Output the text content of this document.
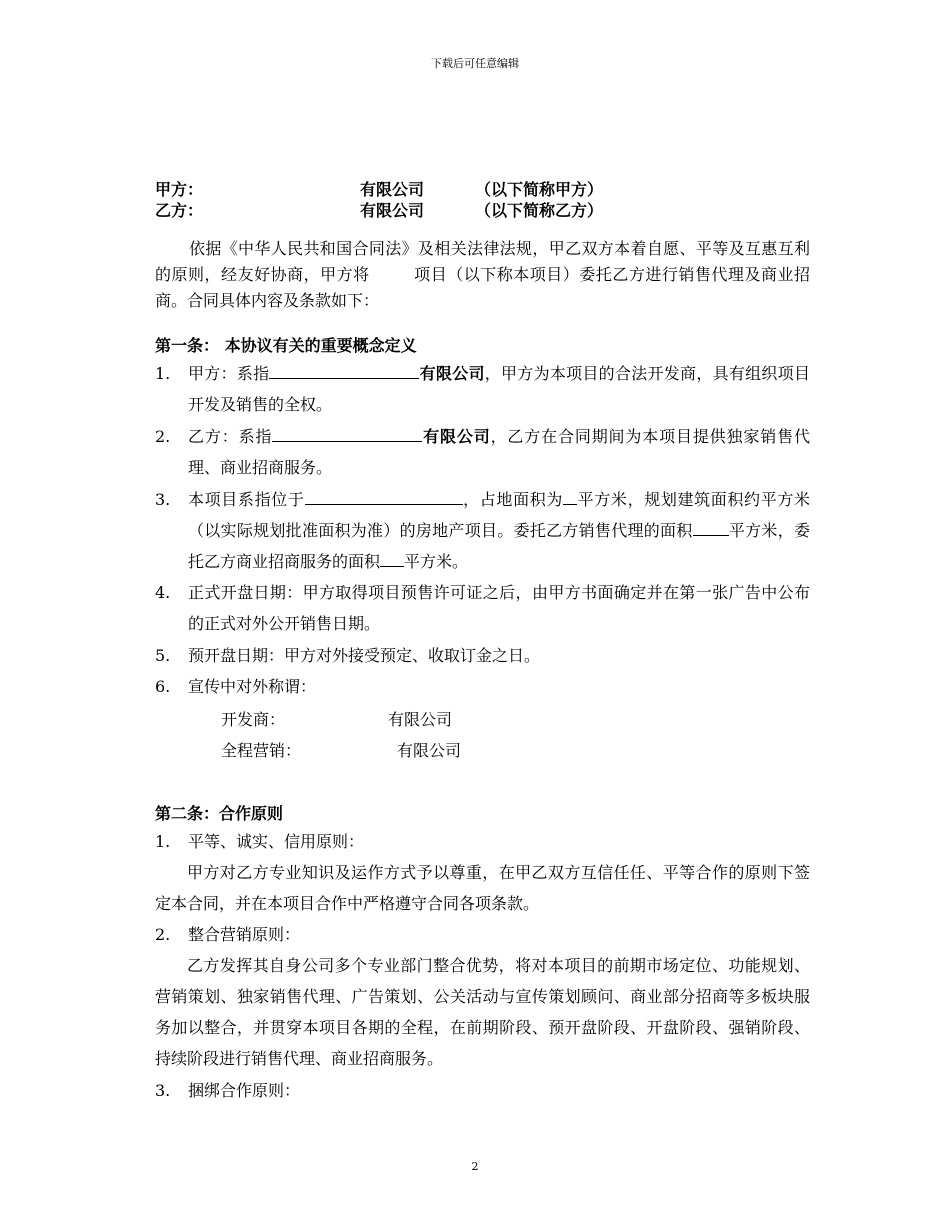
下载后可任意编辑
甲方：	有限公司	（以下简称甲方）
乙方：	有限公司	（以下简称乙方）
依据《中华人民共和国合同法》及相关法律法规，甲乙双方本着自愿、平等及互惠互利的原则，经友好协商，甲方将	项目（以下称本项目）委托乙方进行销售代理及商业招商。合同具体内容及条款如下：
第一条： 本协议有关的重要概念定义
1. 甲方：系指	有限公司，甲方为本项目的合法开发商，具有组织项目开发及销售的全权。
2. 乙方：系指	有限公司，乙方在合同期间为本项目提供独家销售代理、商业招商服务。
3. 本项目系指位于	，占地面积为 平方米，规划建筑面积约平方米（以实际规划批准面积为准）的房地产项目。委托乙方销售代理的面积 平方米，委托乙方商业招商服务的面积 平方米。
4. 正式开盘日期：甲方取得项目预售许可证之后，由甲方书面确定并在第一张广告中公布的正式对外公开销售日期。
5. 预开盘日期：甲方对外接受预定、收取订金之日。
6. 宣传中对外称谓：
开发商：	有限公司
全程营销：	有限公司
第二条：合作原则
1. 平等、诚实、信用原则：
甲方对乙方专业知识及运作方式予以尊重，在甲乙双方互信任任、平等合作的原则下签定本合同，并在本项目合作中严格遵守合同各项条款。
2. 整合营销原则：
乙方发挥其自身公司多个专业部门整合优势，将对本项目的前期市场定位、功能规划、营销策划、独家销售代理、广告策划、公关活动与宣传策划顾问、商业部分招商等多板块服务加以整合，并贯穿本项目各期的全程，在前期阶段、预开盘阶段、开盘阶段、强销阶段、持续阶段进行销售代理、商业招商服务。
3. 捆绑合作原则：
2
